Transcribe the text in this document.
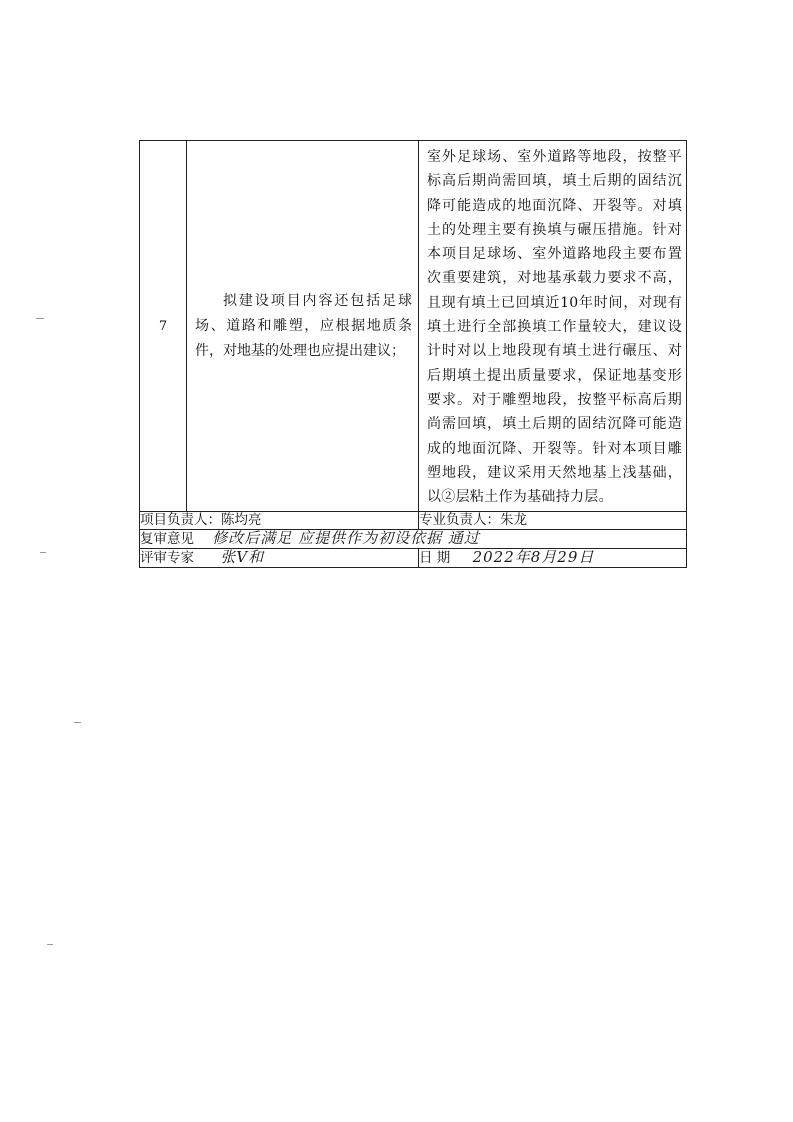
7	拟建设项目内容还包括足球场、道路和雕塑，应根据地质条件，对地基的处理也应提出建议；	室外足球场、室外道路等地段，按整平标高后期尚需回填，填土后期的固结沉降可能造成的地面沉降、开裂等。对填土的处理主要有换填与碾压措施。针对本项目足球场、室外道路地段主要布置次重要建筑，对地基承载力要求不高，且现有填土已回填近10年时间，对现有填土进行全部换填工作量较大，建议设计时对以上地段现有填土进行碾压、对后期填土提出质量要求，保证地基变形要求。对于雕塑地段，按整平标高后期尚需回填，填土后期的固结沉降可能造成的地面沉降、开裂等。针对本项目雕塑地段，建议采用天然地基上浅基础，以②层粘土作为基础持力层。

项目负责人：陈均亮		专业负责人：朱龙
复审意见 修改后满足 应提供作为初设依据 通过		
评审专家 张Ⅴ和		日 期 2022年8月29日
